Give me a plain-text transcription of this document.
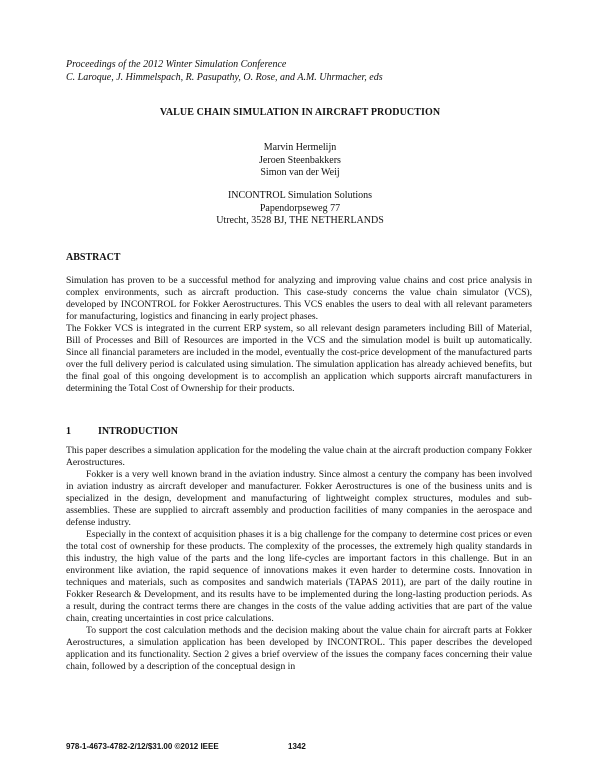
Proceedings of the 2012 Winter Simulation Conference
C. Laroque, J. Himmelspach, R. Pasupathy, O. Rose, and A.M. Uhrmacher, eds
VALUE CHAIN SIMULATION IN AIRCRAFT PRODUCTION
Marvin Hermelijn
Jeroen Steenbakkers
Simon van der Weij
INCONTROL Simulation Solutions
Papendorpseweg 77
Utrecht, 3528 BJ, THE NETHERLANDS
ABSTRACT

Simulation has proven to be a successful method for analyzing and improving value chains and cost price analysis in complex environments, such as aircraft production. This case-study concerns the value chain simulator (VCS), developed by INCONTROL for Fokker Aerostructures. This VCS enables the users to deal with all relevant parameters for manufacturing, logistics and financing in early project phases.

The Fokker VCS is integrated in the current ERP system, so all relevant design parameters including Bill of Material, Bill of Processes and Bill of Resources are imported in the VCS and the simulation model is built up automatically. Since all financial parameters are included in the model, eventually the cost-price development of the manufactured parts over the full delivery period is calculated using simulation. The simulation application has already achieved benefits, but the final goal of this ongoing development is to accomplish an application which supports aircraft manufacturers in determining the Total Cost of Ownership for their products.

1	INTRODUCTION

This paper describes a simulation application for the modeling the value chain at the aircraft production company Fokker Aerostructures.

Fokker is a very well known brand in the aviation industry. Since almost a century the company has been involved in aviation industry as aircraft developer and manufacturer. Fokker Aerostructures is one of the business units and is specialized in the design, development and manufacturing of lightweight complex structures, modules and sub-assemblies. These are supplied to aircraft assembly and production facilities of many companies in the aerospace and defense industry.

Especially in the context of acquisition phases it is a big challenge for the company to determine cost prices or even the total cost of ownership for these products. The complexity of the processes, the extremely high quality standards in this industry, the high value of the parts and the long life-cycles are important factors in this challenge. But in an environment like aviation, the rapid sequence of innovations makes it even harder to determine costs. Innovation in techniques and materials, such as composites and sandwich materials (TAPAS 2011), are part of the daily routine in Fokker Research & Development, and its results have to be implemented during the long-lasting production periods. As a result, during the contract terms there are changes in the costs of the value adding activities that are part of the value chain, creating uncertainties in cost price calculations.

To support the cost calculation methods and the decision making about the value chain for aircraft parts at Fokker Aerostructures, a simulation application has been developed by INCONTROL. This paper describes the developed application and its functionality. Section 2 gives a brief overview of the issues the company faces concerning their value chain, followed by a description of the conceptual design in

978-1-4673-4782-2/12/$31.00 ©2012 IEEE	1342
